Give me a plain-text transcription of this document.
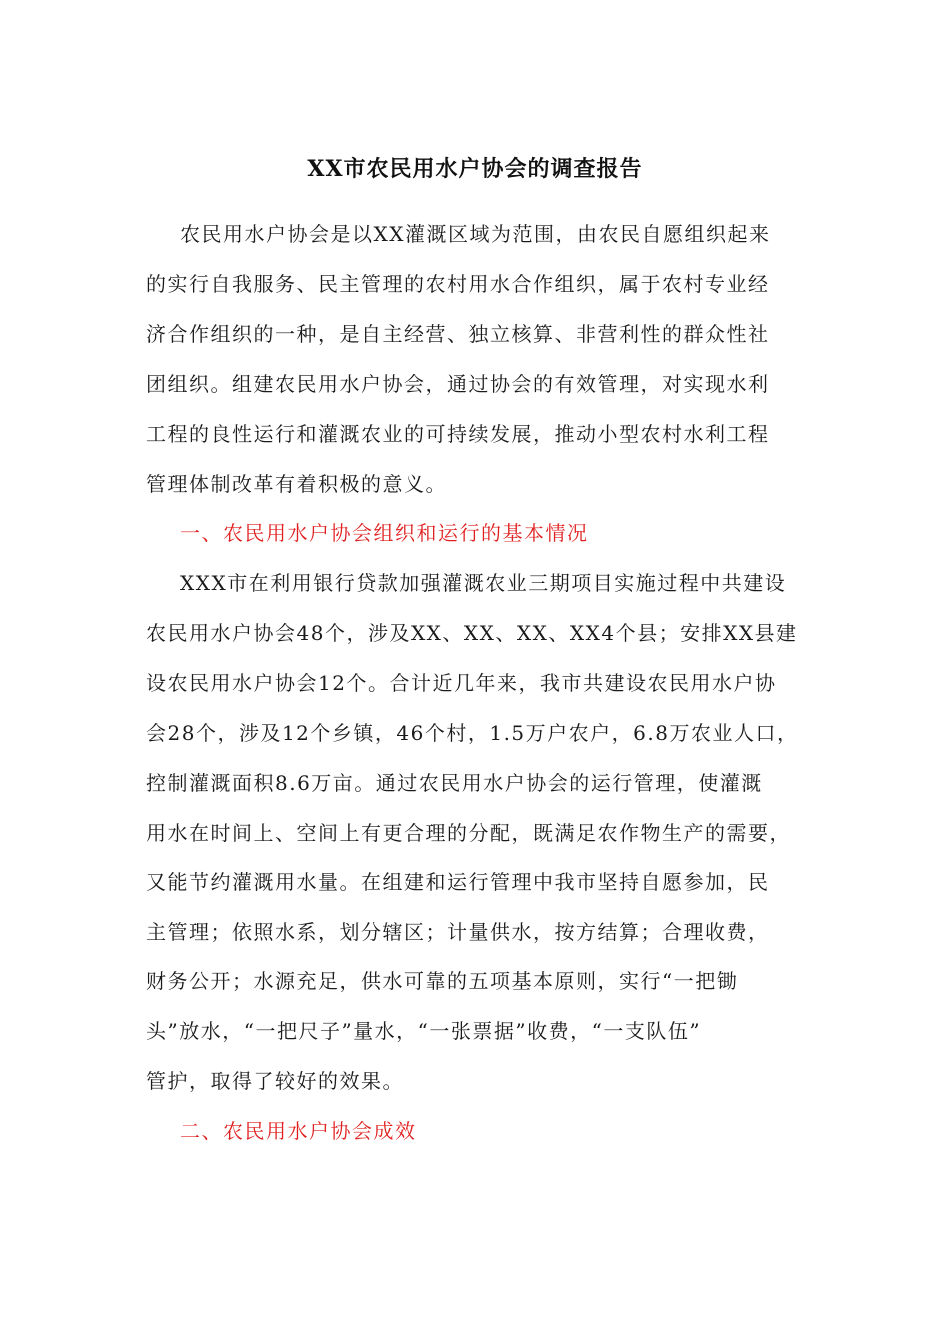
XX市农民用水户协会的调查报告
农民用水户协会是以XX灌溉区域为范围，由农民自愿组织起来
的实行自我服务、民主管理的农村用水合作组织，属于农村专业经
济合作组织的一种，是自主经营、独立核算、非营利性的群众性社
团组织。组建农民用水户协会，通过协会的有效管理，对实现水利
工程的良性运行和灌溉农业的可持续发展，推动小型农村水利工程
管理体制改革有着积极的意义。
一、农民用水户协会组织和运行的基本情况
XXX市在利用银行贷款加强灌溉农业三期项目实施过程中共建设
农民用水户协会48个，涉及XX、XX、XX、XX4个县；安排XX县建
设农民用水户协会12个。合计近几年来，我市共建设农民用水户协
会28个，涉及12个乡镇，46个村，1.5万户农户，6.8万农业人口，
控制灌溉面积8.6万亩。通过农民用水户协会的运行管理，使灌溉
用水在时间上、空间上有更合理的分配，既满足农作物生产的需要，
又能节约灌溉用水量。在组建和运行管理中我市坚持自愿参加，民
主管理；依照水系，划分辖区；计量供水，按方结算；合理收费，
财务公开；水源充足，供水可靠的五项基本原则，实行“一把锄
头”放水，“一把尺子”量水，“一张票据”收费，“一支队伍”
管护，取得了较好的效果。
二、农民用水户协会成效
